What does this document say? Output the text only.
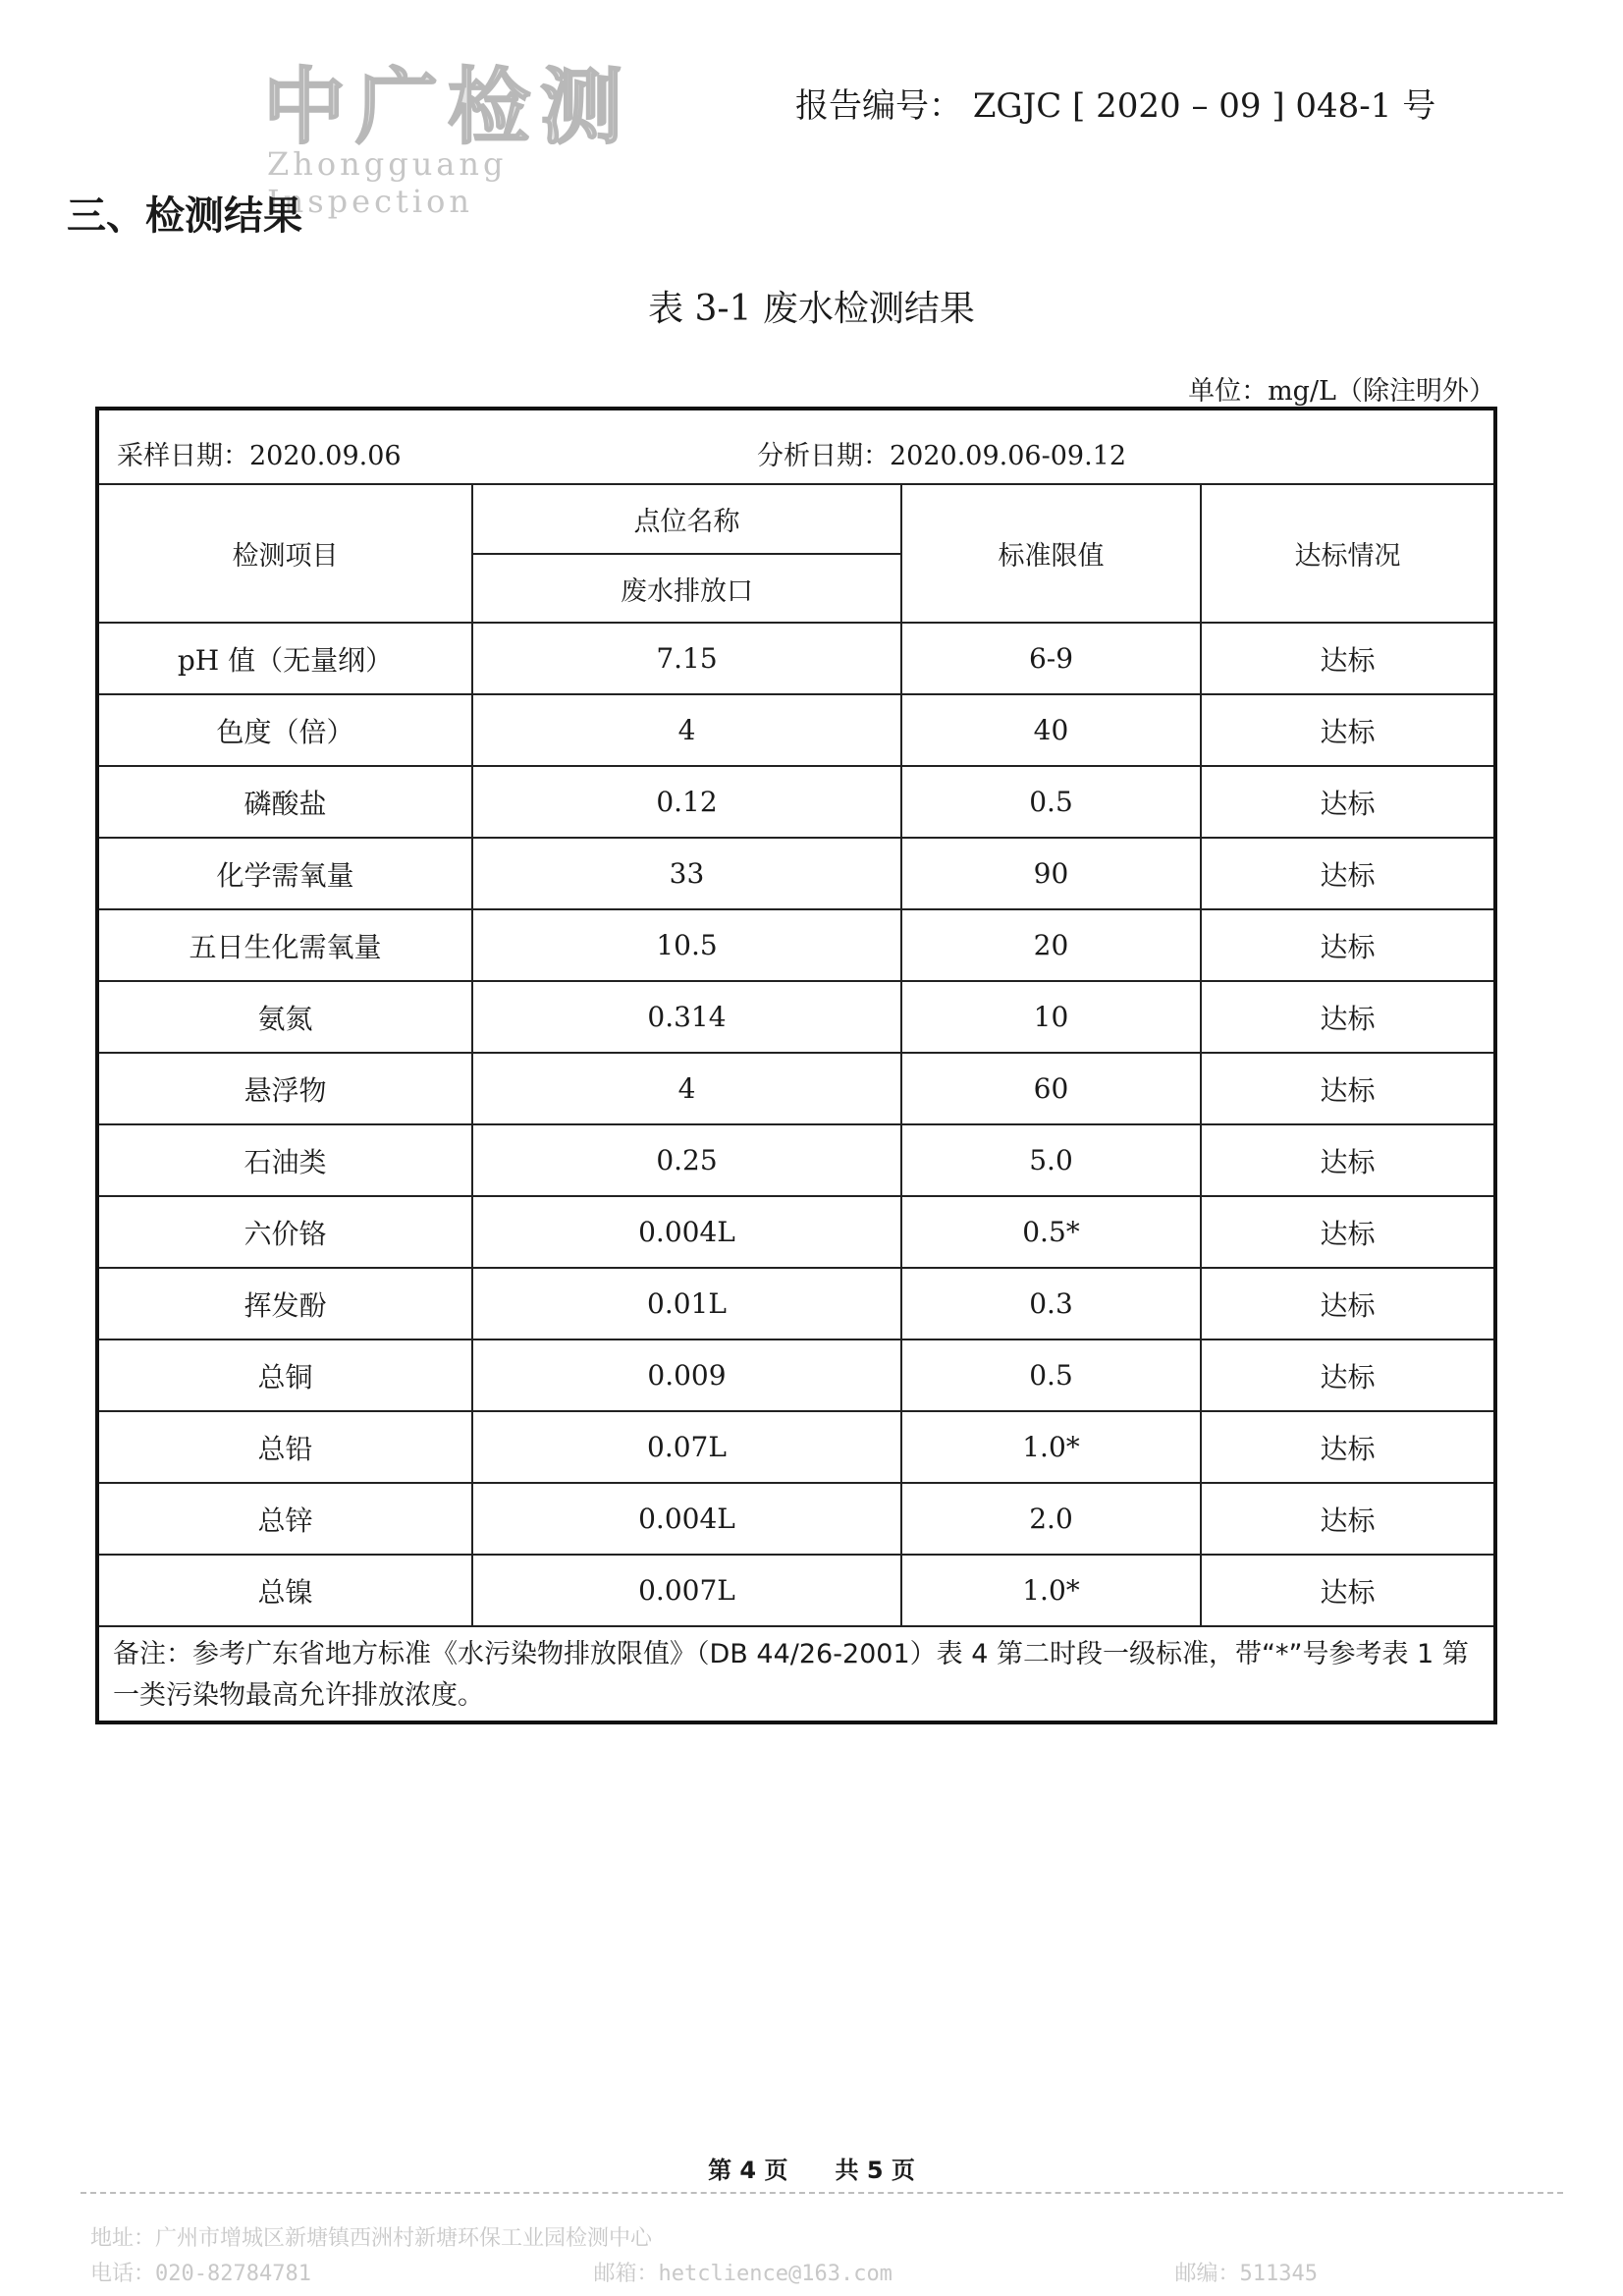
中广检测
Zhongguang Inspection
报告编号： ZGJC [ 2020 – 09 ] 048-1 号
三、检测结果
表 3-1 废水检测结果
单位：mg/L（除注明外）
采样日期：2020.09.06	分析日期：2020.09.06-09.12
检测项目	点位名称	标准限值	达标情况
	废水排放口		
pH 值（无量纲）	7.15	6-9	达标
色度（倍）	4	40	达标
磷酸盐	0.12	0.5	达标
化学需氧量	33	90	达标
五日生化需氧量	10.5	20	达标
氨氮	0.314	10	达标
悬浮物	4	60	达标
石油类	0.25	5.0	达标
六价铬	0.004L	0.5*	达标
挥发酚	0.01L	0.3	达标
总铜	0.009	0.5	达标
总铅	0.07L	1.0*	达标
总锌	0.004L	2.0	达标
总镍	0.007L	1.0*	达标
备注：参考广东省地方标准《水污染物排放限值》（DB 44/26-2001）表 4 第二时段一级标准，带“*”号参考表 1 第一类污染物最高允许排放浓度。
第 4 页　　共 5 页
地址：广州市增城区新塘镇西洲村新塘环保工业园检测中心
电话：020-82784781	邮箱：hetclience@163.com	邮编：511345
